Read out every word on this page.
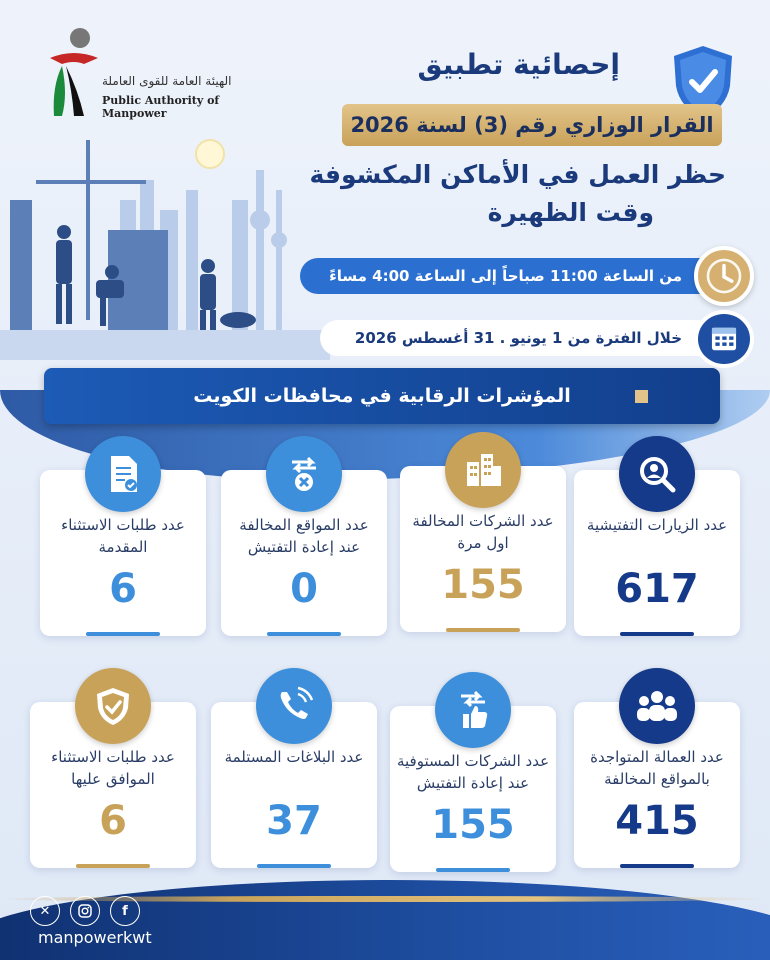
الهيئة العامة للقوى العاملة
Public Authority of Manpower
إحصائية تطبيق
القرار الوزاري رقم (3) لسنة 2026
حظر العمل في الأماكن المكشوفة
وقت الظهيرة
من الساعة 11:00 صباحاً إلى الساعة 4:00 مساءً
خلال الفترة من 1 يونيو . 31 أغسطس 2026
المؤشرات الرقابية في محافظات الكويت
عدد الزيارات التفتيشية
617
عدد الشركات المخالفة اول مرة
155
عدد المواقع المخالفة عند إعادة التفتيش
0
عدد طلبات الاستثناء المقدمة
6
عدد العمالة المتواجدة بالمواقع المخالفة
415
عدد الشركات المستوفية عند إعادة التفتيش
155
عدد البلاغات المستلمة
37
عدد طلبات الاستثناء الموافق عليها
6
✕	f
manpowerkwt
